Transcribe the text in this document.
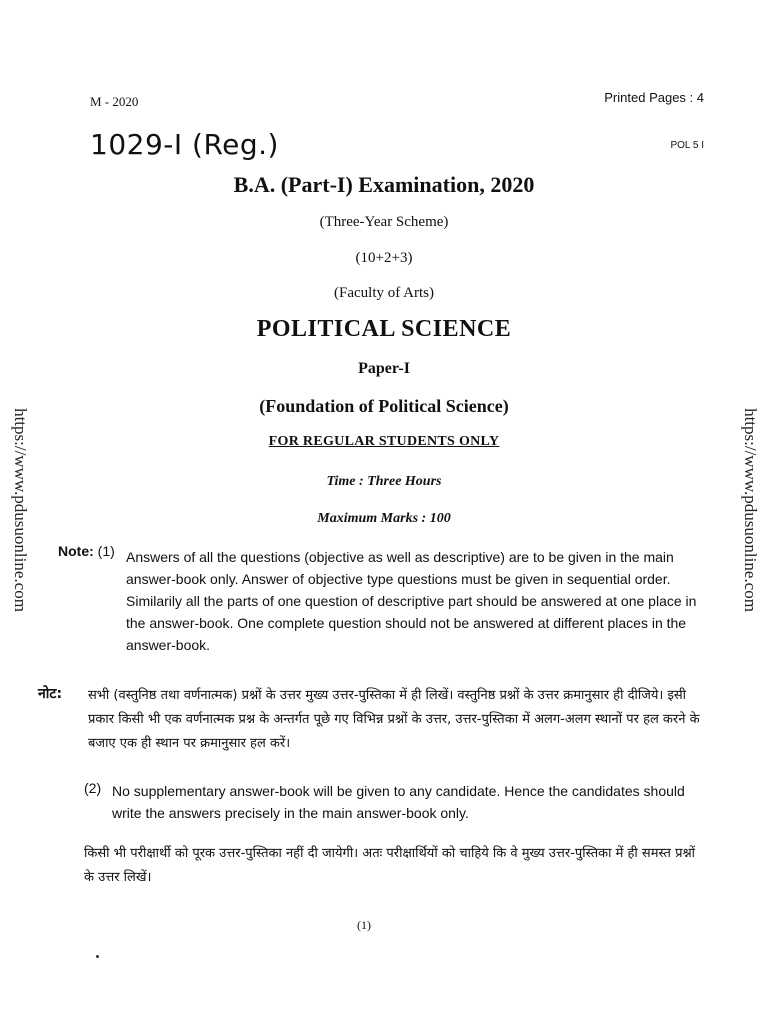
M - 2020	Printed Pages : 4
1029-I (Reg.)	POL 5 I
B.A. (Part-I) Examination, 2020
(Three-Year Scheme)
(10+2+3)
(Faculty of Arts)
POLITICAL SCIENCE
Paper-I
(Foundation of Political Science)
FOR REGULAR STUDENTS ONLY
Time : Three Hours
Maximum Marks : 100
https://www.pdusuonline.com	https://www.pdusuonline.com
Note: (1) Answers of all the questions (objective as well as descriptive) are to be given in the main answer-book only. Answer of objective type questions must be given in sequential order. Similarily all the parts of one question of descriptive part should be answered at one place in the answer-book. One complete question should not be answered at different places in the answer-book.
नोट: सभी (वस्तुनिष्ठ तथा वर्णनात्मक) प्रश्नों के उत्तर मुख्य उत्तर-पुस्तिका में ही लिखें। वस्तुनिष्ठ प्रश्नों के उत्तर क्रमानुसार ही दीजिये। इसी प्रकार किसी भी एक वर्णनात्मक प्रश्न के अन्तर्गत पूछे गए विभिन्न प्रश्नों के उत्तर, उत्तर-पुस्तिका में अलग-अलग स्थानों पर हल करने के बजाए एक ही स्थान पर क्रमानुसार हल करें।
(2) No supplementary answer-book will be given to any candidate. Hence the candidates should write the answers precisely in the main answer-book only.
किसी भी परीक्षार्थी को पूरक उत्तर-पुस्तिका नहीं दी जायेगी। अतः परीक्षार्थियों को चाहिये कि वे मुख्य उत्तर-पुस्तिका में ही समस्त प्रश्नों के उत्तर लिखें।
(1)
